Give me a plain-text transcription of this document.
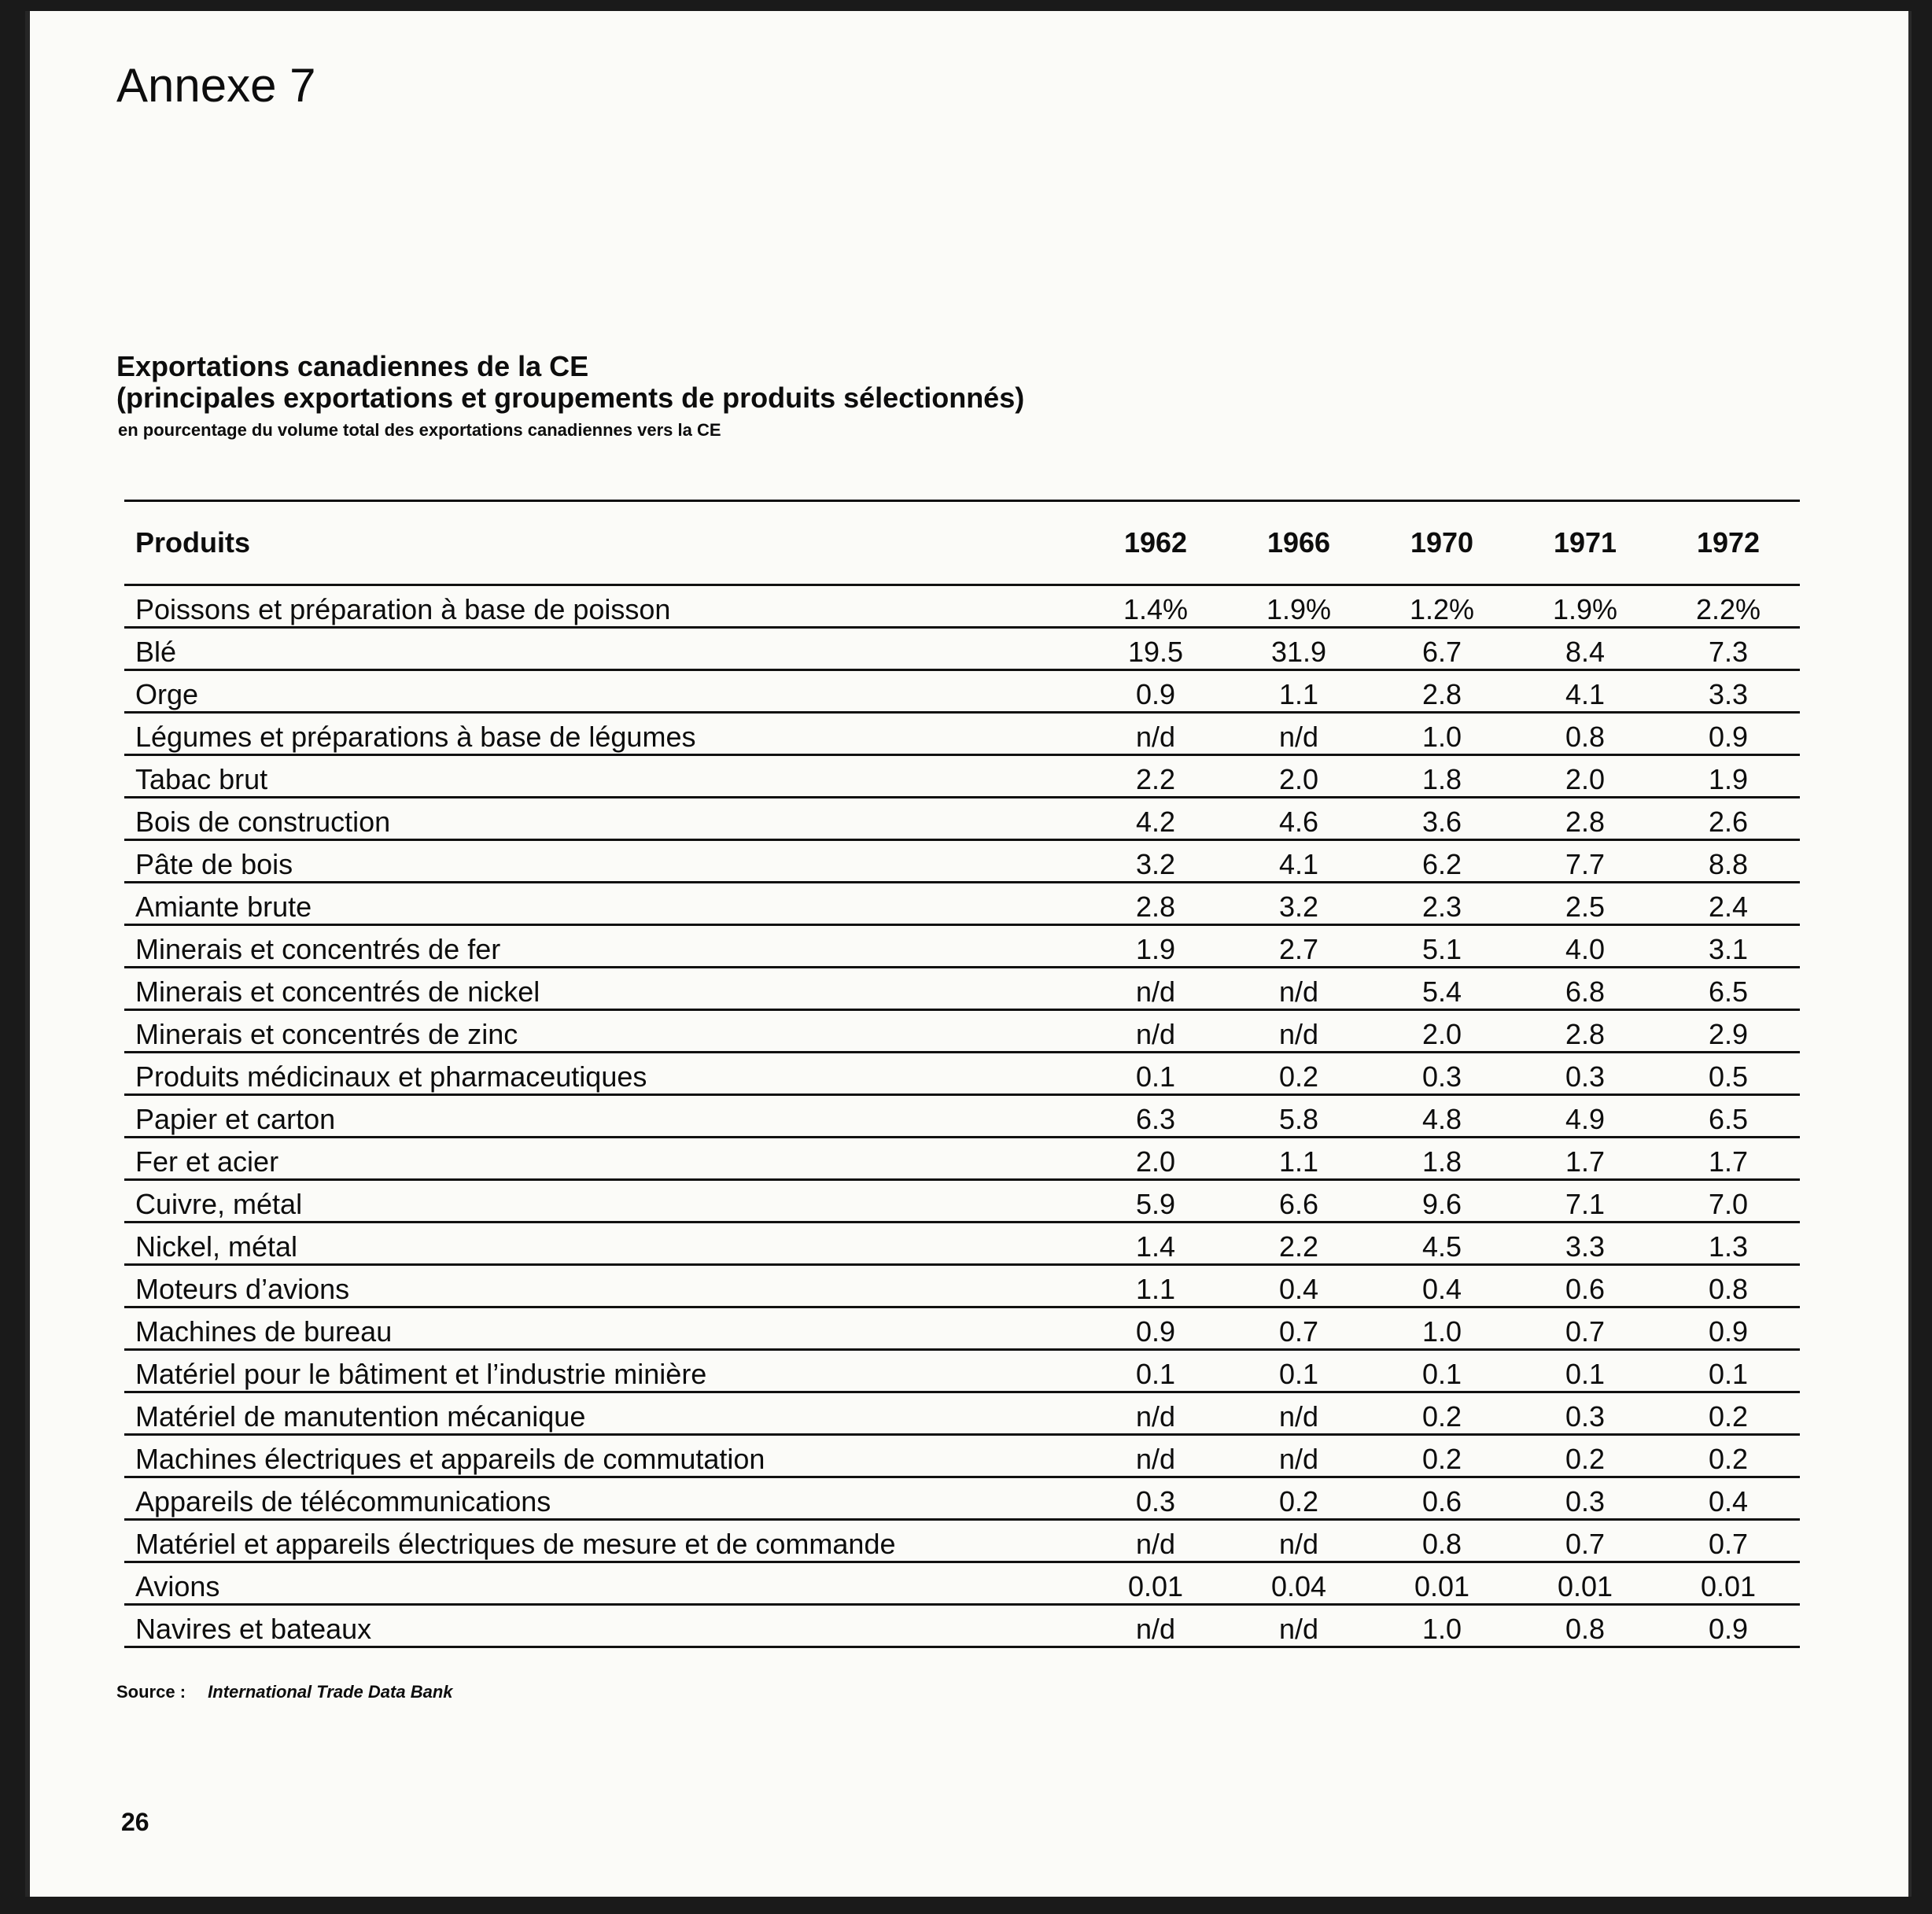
Annexe 7

Exportations canadiennes de la CE

(principales exportations et groupements de produits sélectionnés)

en pourcentage du volume total des exportations canadiennes vers la CE

Produits	1962	1966	1970	1971	1972
Poissons et préparation à base de poisson	1.4%	1.9%	1.2%	1.9%	2.2%
Blé	19.5	31.9	6.7	8.4	7.3
Orge	0.9	1.1	2.8	4.1	3.3
Légumes et préparations à base de légumes	n/d	n/d	1.0	0.8	0.9
Tabac brut	2.2	2.0	1.8	2.0	1.9
Bois de construction	4.2	4.6	3.6	2.8	2.6
Pâte de bois	3.2	4.1	6.2	7.7	8.8
Amiante brute	2.8	3.2	2.3	2.5	2.4
Minerais et concentrés de fer	1.9	2.7	5.1	4.0	3.1
Minerais et concentrés de nickel	n/d	n/d	5.4	6.8	6.5
Minerais et concentrés de zinc	n/d	n/d	2.0	2.8	2.9
Produits médicinaux et pharmaceutiques	0.1	0.2	0.3	0.3	0.5
Papier et carton	6.3	5.8	4.8	4.9	6.5
Fer et acier	2.0	1.1	1.8	1.7	1.7
Cuivre, métal	5.9	6.6	9.6	7.1	7.0
Nickel, métal	1.4	2.2	4.5	3.3	1.3
Moteurs d’avions	1.1	0.4	0.4	0.6	0.8
Machines de bureau	0.9	0.7	1.0	0.7	0.9
Matériel pour le bâtiment et l’industrie minière	0.1	0.1	0.1	0.1	0.1
Matériel de manutention mécanique	n/d	n/d	0.2	0.3	0.2
Machines électriques et appareils de commutation	n/d	n/d	0.2	0.2	0.2
Appareils de télécommunications	0.3	0.2	0.6	0.3	0.4
Matériel et appareils électriques de mesure et de commande	n/d	n/d	0.8	0.7	0.7
Avions	0.01	0.04	0.01	0.01	0.01
Navires et bateaux	n/d	n/d	1.0	0.8	0.9
Source : International Trade Data Bank
26
